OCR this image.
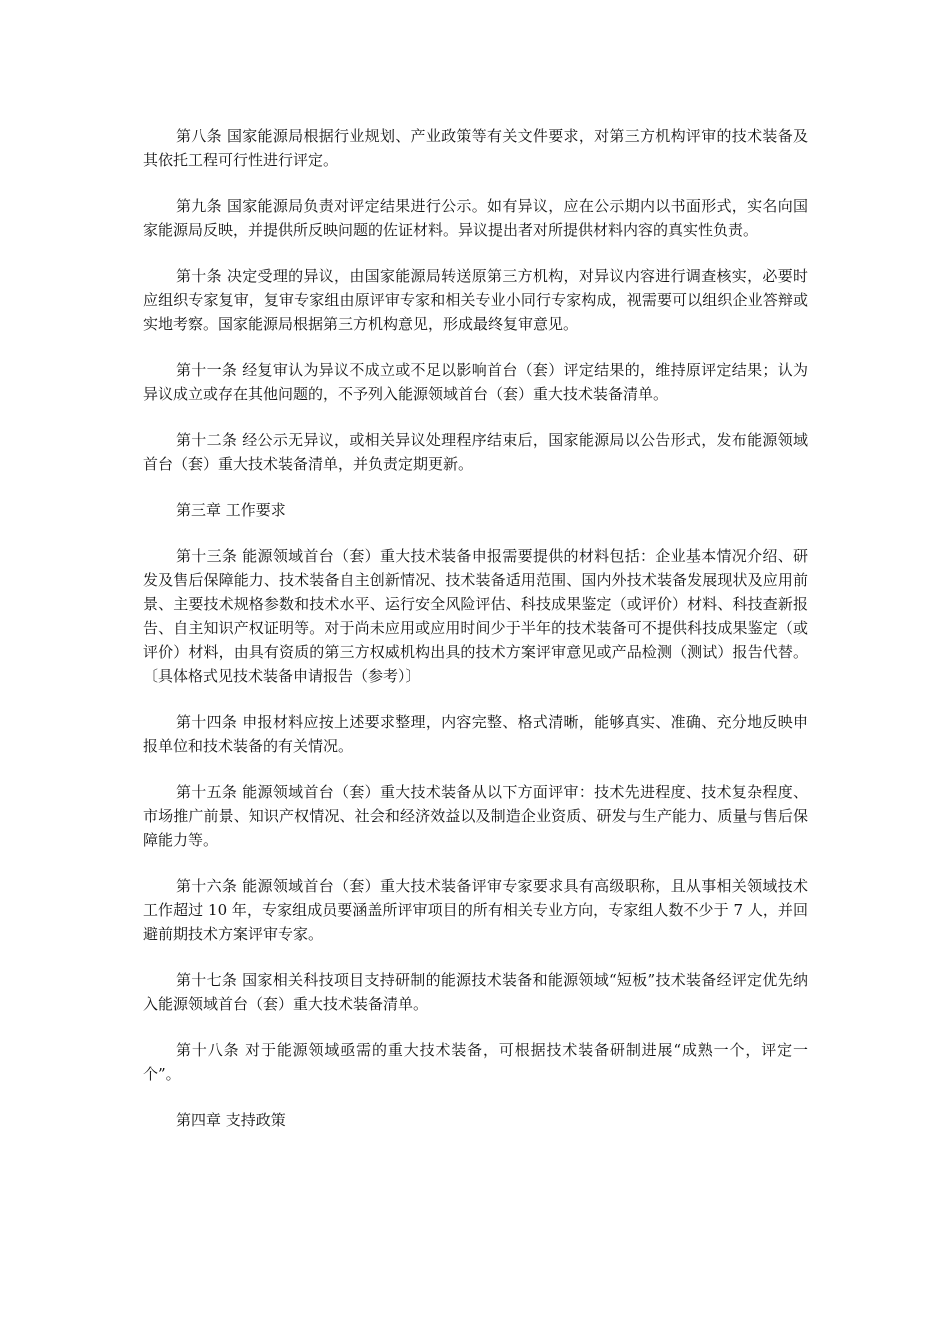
第八条 国家能源局根据行业规划、产业政策等有关文件要求，对第三方机构评审的技术装备及其依托工程可行性进行评定。

第九条 国家能源局负责对评定结果进行公示。如有异议，应在公示期内以书面形式，实名向国家能源局反映，并提供所反映问题的佐证材料。异议提出者对所提供材料内容的真实性负责。

第十条 决定受理的异议，由国家能源局转送原第三方机构，对异议内容进行调查核实，必要时应组织专家复审，复审专家组由原评审专家和相关专业小同行专家构成，视需要可以组织企业答辩或实地考察。国家能源局根据第三方机构意见，形成最终复审意见。

第十一条 经复审认为异议不成立或不足以影响首台（套）评定结果的，维持原评定结果；认为异议成立或存在其他问题的，不予列入能源领域首台（套）重大技术装备清单。

第十二条 经公示无异议，或相关异议处理程序结束后，国家能源局以公告形式，发布能源领域首台（套）重大技术装备清单，并负责定期更新。

第三章 工作要求

第十三条 能源领域首台（套）重大技术装备申报需要提供的材料包括：企业基本情况介绍、研发及售后保障能力、技术装备自主创新情况、技术装备适用范围、国内外技术装备发展现状及应用前景、主要技术规格参数和技术水平、运行安全风险评估、科技成果鉴定（或评价）材料、科技查新报告、自主知识产权证明等。对于尚未应用或应用时间少于半年的技术装备可不提供科技成果鉴定（或评价）材料，由具有资质的第三方权威机构出具的技术方案评审意见或产品检测（测试）报告代替。〔具体格式见技术装备申请报告（参考）〕

第十四条 申报材料应按上述要求整理，内容完整、格式清晰，能够真实、准确、充分地反映申报单位和技术装备的有关情况。

第十五条 能源领域首台（套）重大技术装备从以下方面评审：技术先进程度、技术复杂程度、市场推广前景、知识产权情况、社会和经济效益以及制造企业资质、研发与生产能力、质量与售后保障能力等。

第十六条 能源领域首台（套）重大技术装备评审专家要求具有高级职称，且从事相关领域技术工作超过 10 年，专家组成员要涵盖所评审项目的所有相关专业方向，专家组人数不少于 7 人，并回避前期技术方案评审专家。

第十七条 国家相关科技项目支持研制的能源技术装备和能源领域“短板”技术装备经评定优先纳入能源领域首台（套）重大技术装备清单。

第十八条 对于能源领域亟需的重大技术装备，可根据技术装备研制进展“成熟一个，评定一个”。

第四章 支持政策
